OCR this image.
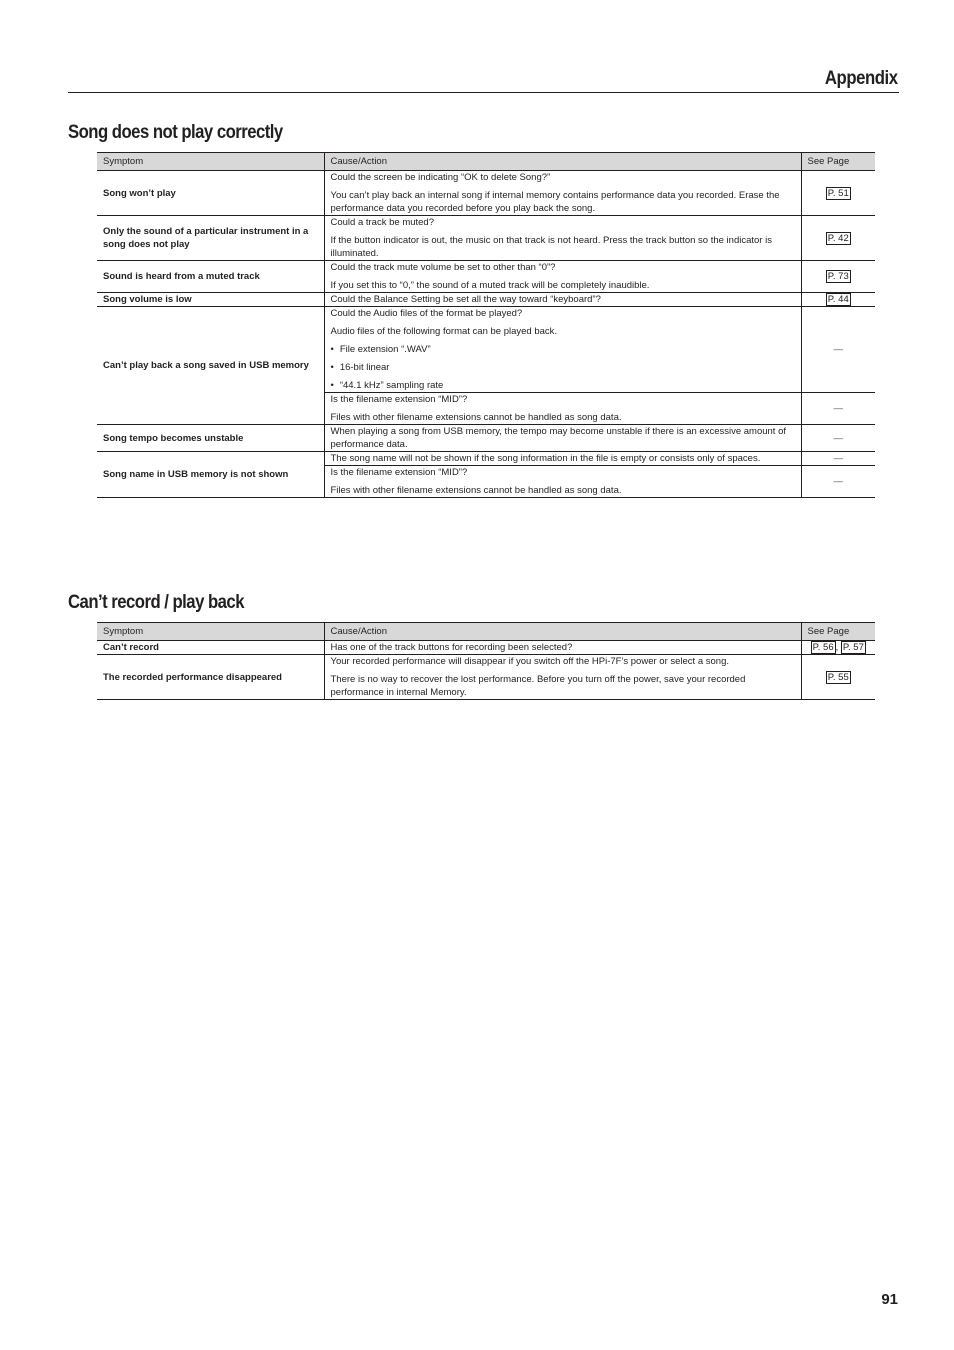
Appendix
Song does not play correctly
Symptom	Cause/Action	See Page
Song won’t play	Could the screen be indicating “OK to delete Song?”

You can’t play back an internal song if internal memory contains performance data you recorded. Erase the performance data you recorded before you play back the song.	P. 51
Only the sound of a particular instrument in a song does not play	Could a track be muted?

If the button indicator is out, the music on that track is not heard. Press the track button so the indicator is illuminated.	P. 42
Sound is heard from a muted track	Could the track mute volume be set to other than “0”?

If you set this to “0,” the sound of a muted track will be completely inaudible.	P. 73
Song volume is low	Could the Balance Setting be set all the way toward “keyboard”?	P. 44
Can’t play back a song saved in USB memory	Could the Audio files of the format be played?

Audio files of the following format can be played back.

• File extension “.WAV”

• 16-bit linear

• “44.1 kHz” sampling rate	—

	Is the filename extension “MID”?

Files with other filename extensions cannot be handled as song data.	—
Song tempo becomes unstable	When playing a song from USB memory, the tempo may become unstable if there is an excessive amount of performance data.	—
Song name in USB memory is not shown	The song name will not be shown if the song information in the file is empty or consists only of spaces.	—

	Is the filename extension “MID”?

Files with other filename extensions cannot be handled as song data.	—
Can’t record / play back
Symptom	Cause/Action	See Page
Can’t record	Has one of the track buttons for recording been selected?	P. 56 , P. 57
The recorded performance disappeared	Your recorded performance will disappear if you switch off the HPi-7F’s power or select a song.

There is no way to recover the lost performance. Before you turn off the power, save your recorded performance in internal Memory.	P. 55
91
